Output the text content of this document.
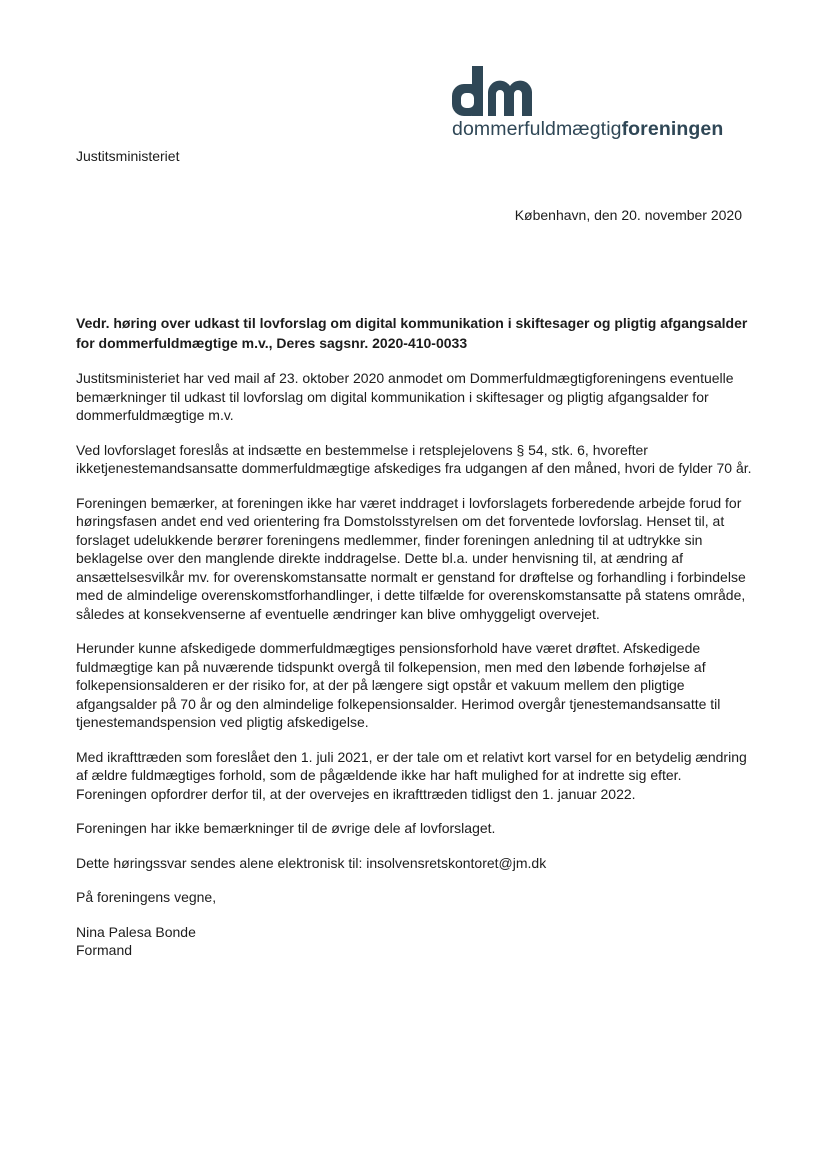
dommerfuldmægtigforeningen
Justitsministeriet
København, den 20. november 2020
Vedr. høring over udkast til lovforslag om digital kommunikation i skiftesager og pligtig afgangsalder for dommerfuldmægtige m.v., Deres sagsnr. 2020-410-0033

Justitsministeriet har ved mail af 23. oktober 2020 anmodet om Dommerfuldmægtigforeningens eventuelle bemærkninger til udkast til lovforslag om digital kommunikation i skiftesager og pligtig afgangsalder for dommerfuldmægtige m.v.

Ved lovforslaget foreslås at indsætte en bestemmelse i retsplejelovens § 54, stk. 6, hvorefter ikketjenestemandsansatte dommerfuldmægtige afskediges fra udgangen af den måned, hvori de fylder 70 år.

Foreningen bemærker, at foreningen ikke har været inddraget i lovforslagets forberedende arbejde forud for høringsfasen andet end ved orientering fra Domstolsstyrelsen om det forventede lovforslag. Henset til, at forslaget udelukkende berører foreningens medlemmer, finder foreningen anledning til at udtrykke sin beklagelse over den manglende direkte inddragelse. Dette bl.a. under henvisning til, at ændring af ansættelsesvilkår mv. for overenskomstansatte normalt er genstand for drøftelse og forhandling i forbindelse med de almindelige overenskomstforhandlinger, i dette tilfælde for overenskomstansatte på statens område, således at konsekvenserne af eventuelle ændringer kan blive omhyggeligt overvejet.

Herunder kunne afskedigede dommerfuldmægtiges pensionsforhold have været drøftet. Afskedigede fuldmægtige kan på nuværende tidspunkt overgå til folkepension, men med den løbende forhøjelse af folkepensionsalderen er der risiko for, at der på længere sigt opstår et vakuum mellem den pligtige afgangsalder på 70 år og den almindelige folkepensionsalder. Herimod overgår tjenestemandsansatte til tjenestemandspension ved pligtig afskedigelse.

Med ikrafttræden som foreslået den 1. juli 2021, er der tale om et relativt kort varsel for en betydelig ændring af ældre fuldmægtiges forhold, som de pågældende ikke har haft mulighed for at indrette sig efter. Foreningen opfordrer derfor til, at der overvejes en ikrafttræden tidligst den 1. januar 2022.

Foreningen har ikke bemærkninger til de øvrige dele af lovforslaget.

Dette høringssvar sendes alene elektronisk til: insolvensretskontoret@jm.dk

På foreningens vegne,

Nina Palesa Bonde
Formand
